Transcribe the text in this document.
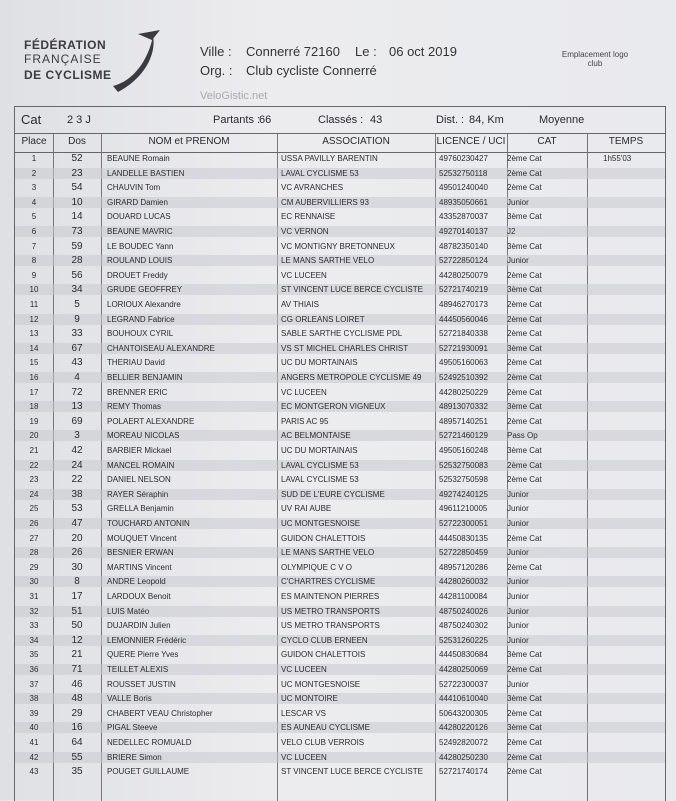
FÉDÉRATION
FRANÇAISE
DE CYCLISME
Ville : Connerré 72160 Le : 06 oct 2019
Org. : Club cycliste Connerré
Emplacement logo club
VeloGistic.net
Cat 2 3 J	Partants :
66	Classés : 43	Dist. : 84, Km	Moyenne
Place	Dos	NOM et PRENOM	ASSOCIATION	LICENCE / UCI	CAT	TEMPS
1	52	BEAUNE Romain	USSA PAVILLY BARENTIN	49760230427 2ème Cat	1h55'03
2	23	LANDELLE BASTIEN	LAVAL CYCLISME 53	52532750118 2ème Cat
3	54	CHAUVIN Tom	VC AVRANCHES	49501240040 2ème Cat
4	10	GIRARD Damien	CM AUBERVILLIERS 93	48935050661 Junior
5	14	DOUARD LUCAS	EC RENNAISE	43352870037 3ème Cat
6	73	BEAUNE MAVRIC	VC VERNON	49270140137 J2
7	59	LE BOUDEC Yann	VC MONTIGNY BRETONNEUX	48782350140 3ème Cat
8	28	ROULAND LOUIS	LE MANS SARTHE VELO	52722850124 Junior
9	56	DROUET Freddy	VC LUCEEN	44280250079 2ème Cat
10	34	GRUDE GEOFFREY	ST VINCENT LUCE BERCE CYCLISTE 52721740219 3ème Cat
11	5	LORIOUX Alexandre	AV THIAIS	48946270173 2ème Cat
12	9	LEGRAND Fabrice	CG ORLEANS LOIRET	44450560046 2ème Cat
13	33	BOUHOUX CYRIL	SABLE SARTHE CYCLISME PDL	52721840338 2ème Cat
14	67	CHANTOISEAU ALEXANDRE	VS ST MICHEL CHARLES CHRIST	52721930091 3ème Cat
15	43	THERIAU David	UC DU MORTAINAIS	49505160063 2ème Cat
16	4	BELLIER BENJAMIN	ANGERS METROPOLE CYCLISME 49 52492510392 2ème Cat
17	72	BRENNER ERIC	VC LUCEEN	44280250229 2ème Cat
18	13	REMY Thomas	EC MONTGERON VIGNEUX	48913070332 3ème Cat
19	69	POLAERT ALEXANDRE	PARIS AC 95	48957140251 2ème Cat
20	3	MOREAU NICOLAS	AC BELMONTAISE	52721460129 Pass Op
21	42	BARBIER Mickael	UC DU MORTAINAIS	49505160248 3ème Cat
22	24	MANCEL ROMAIN	LAVAL CYCLISME 53	52532750083 2ème Cat
23	22	DANIEL NELSON	LAVAL CYCLISME 53	52532750598 2ème Cat
24	38	RAYER Séraphin	SUD DE L'EURE CYCLISME	49274240125 Junior
25	53	GRELLA Benjamin	UV RAI AUBE	49611210005 Junior
26	47	TOUCHARD ANTONIN	UC MONTGESNOISE	52722300051 Junior
27	20	MOUQUET Vincent	GUIDON CHALETTOIS	44450830135 2ème Cat
28	26	BESNIER ERWAN	LE MANS SARTHE VELO	52722850459 Junior
29	30	MARTINS Vincent	OLYMPIQUE C V O	48957120286 2ème Cat
30	8	ANDRE Leopold	C'CHARTRES CYCLISME	44280260032 Junior
31	17	LARDOUX Benoit	ES MAINTENON PIERRES	44281100084 Junior
32	51	LUIS Matéo	US METRO TRANSPORTS	48750240026 Junior
33	50	DUJARDIN Julien	US METRO TRANSPORTS	48750240302 Junior
34	12	LEMONNIER Frédéric	CYCLO CLUB ERNEEN	52531260225 Junior
35	21	QUERE Pierre Yves	GUIDON CHALETTOIS	44450830684 3ème Cat
36	71	TEILLET ALEXIS	VC LUCEEN	44280250069 2ème Cat
37	46	ROUSSET JUSTIN	UC MONTGESNOISE	52722300037 Junior
38	48	VALLE Boris	UC MONTOIRE	44410610040 3ème Cat
39	29	CHABERT VEAU Christopher	LESCAR VS	50643200305 2ème Cat
40	16	PIGAL Steeve	ES AUNEAU CYCLISME	44280220126 3ème Cat
41	64	NEDELLEC ROMUALD	VELO CLUB VERROIS	52492820072 2ème Cat
42	55	BRIERE Simon	VC LUCEEN	44280250230 2ème Cat
43	35	POUGET GUILLAUME	ST VINCENT LUCE BERCE CYCLISTE 52721740174 2ème Cat
